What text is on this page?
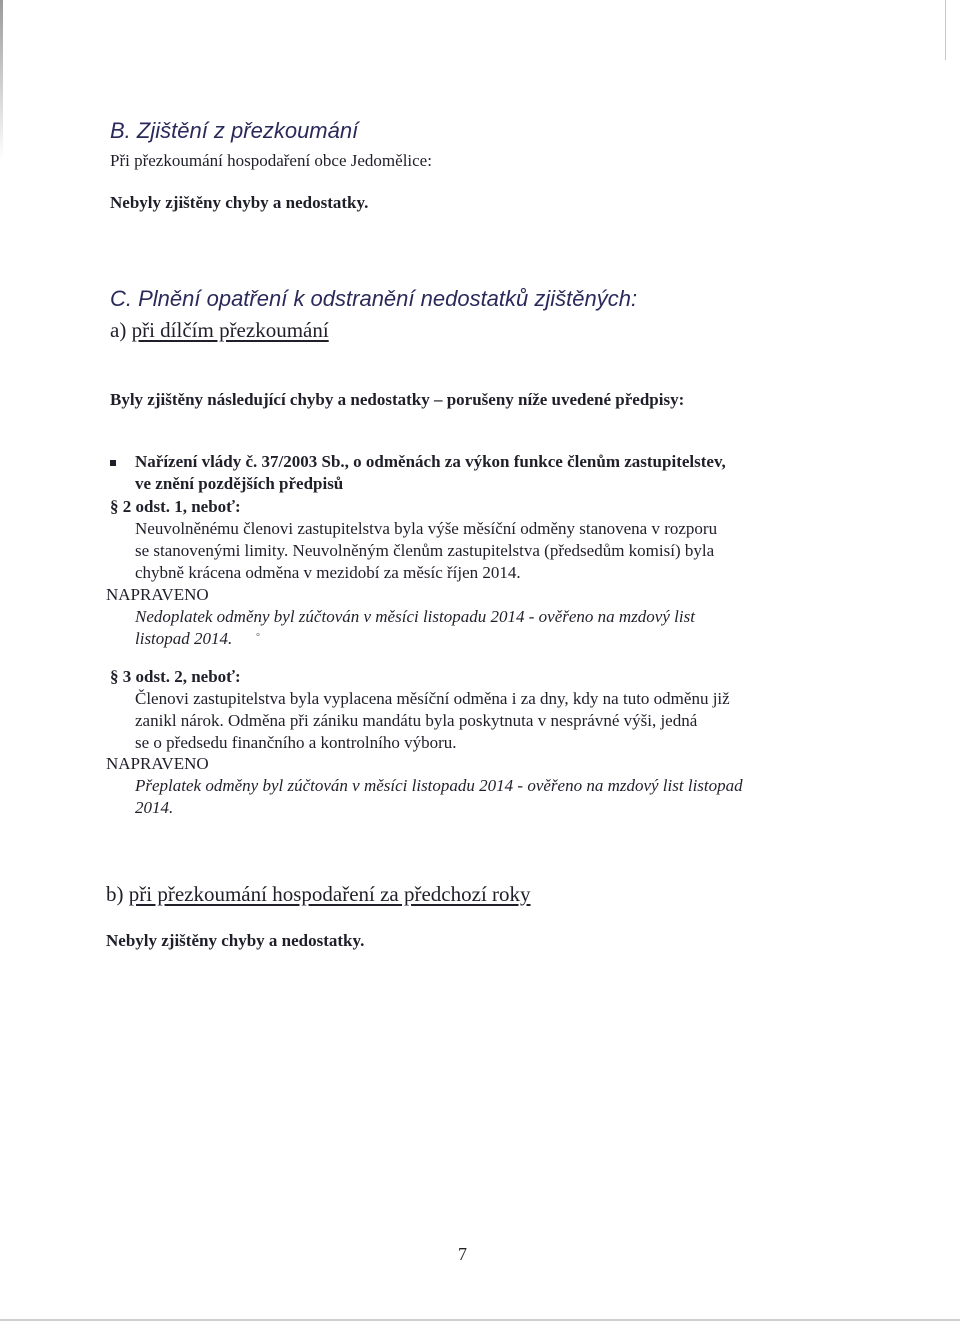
B. Zjištění z přezkoumání
Při přezkoumání hospodaření obce Jedomělice:
Nebyly zjištěny chyby a nedostatky.
C. Plnění opatření k odstranění nedostatků zjištěných:
a) při dílčím přezkoumání
Byly zjištěny následující chyby a nedostatky – porušeny níže uvedené předpisy:
Nařízení vlády č. 37/2003 Sb., o odměnách za výkon funkce členům zastupitelstev,
ve znění pozdějších předpisů
§ 2 odst. 1, neboť:
Neuvolněnému členovi zastupitelstva byla výše měsíční odměny stanovena v rozporu
se stanovenými limity. Neuvolněným členům zastupitelstva (předsedům komisí) byla
chybně krácena odměna v mezidobí za měsíc říjen 2014.
NAPRAVENO
Nedoplatek odměny byl zúčtován v měsíci listopadu 2014 - ověřeno na mzdový list
listopad 2014.	°
§ 3 odst. 2, neboť:
Členovi zastupitelstva byla vyplacena měsíční odměna i za dny, kdy na tuto odměnu již
zanikl nárok. Odměna při zániku mandátu byla poskytnuta v nesprávné výši, jedná
se o předsedu finančního a kontrolního výboru.
NAPRAVENO
Přeplatek odměny byl zúčtován v měsíci listopadu 2014 - ověřeno na mzdový list listopad
2014.
b) při přezkoumání hospodaření za předchozí roky
Nebyly zjištěny chyby a nedostatky.
7
